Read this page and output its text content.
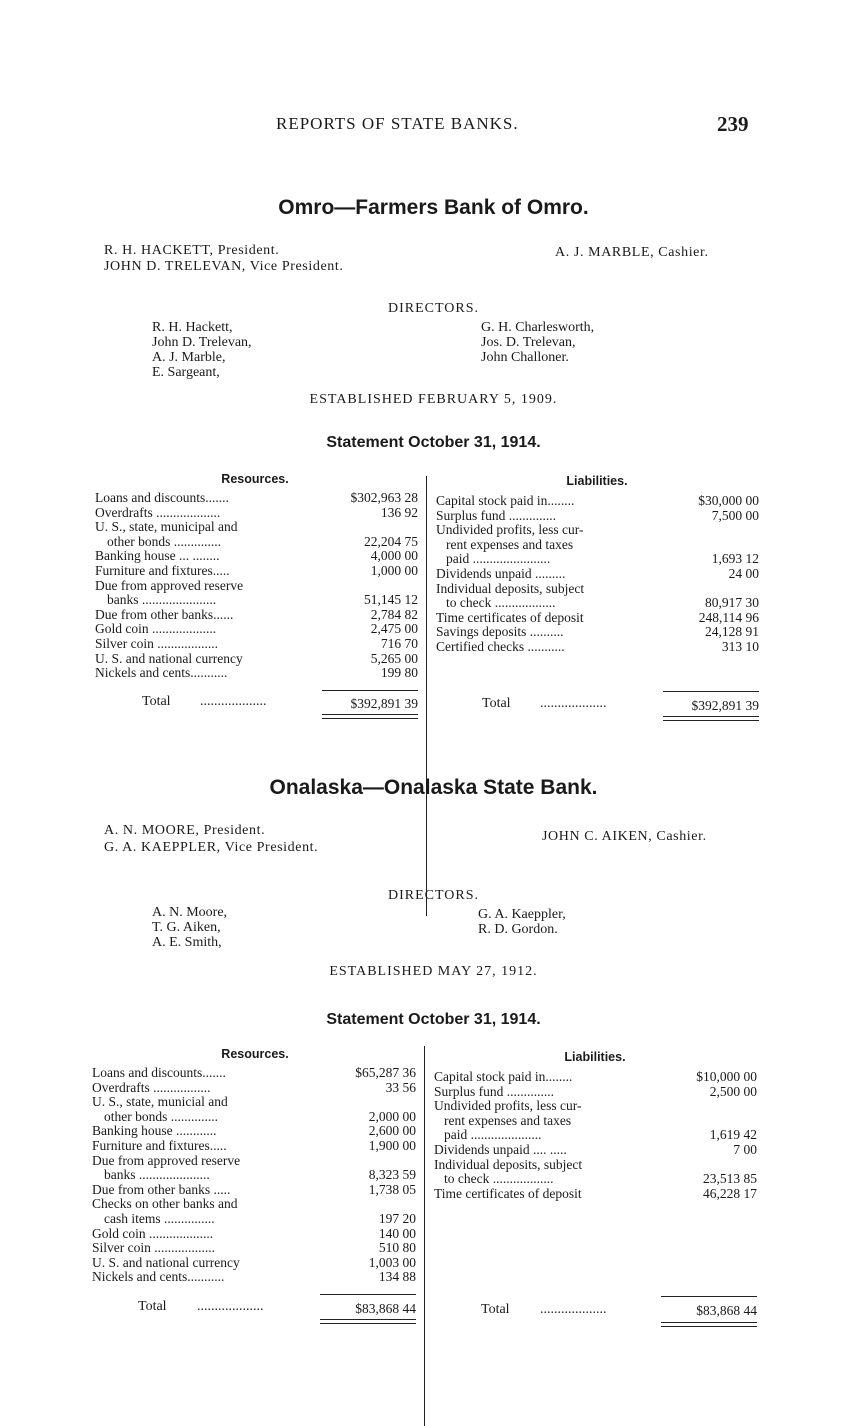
REPORTS OF STATE BANKS.	239
Omro—Farmers Bank of Omro.
R. H. HACKETT, President.
JOHN D. TRELEVAN, Vice President.
A. J. MARBLE, Cashier.
DIRECTORS.
R. H. Hackett,
John D. Trelevan,
A. J. Marble,
E. Sargeant,
G. H. Charlesworth,
Jos. D. Trelevan,
John Challoner.
ESTABLISHED FEBRUARY 5, 1909.
Statement October 31, 1914.
Resources.	Liabilities.
Loans and discounts.......	$302,963 28
Overdrafts ...................	136 92
U. S., state, municipal and
other bonds ..............	22,204 75
Banking house ... ........	4,000 00
Furniture and fixtures.....	1,000 00
Due from approved reserve
banks ......................	51,145 12
Due from other banks......	2,784 82
Gold coin ...................	2,475 00
Silver coin ..................	716 70
U. S. and national currency	5,265 00
Nickels and cents...........	199 80
Capital stock paid in........	$30,000 00
Surplus fund ..............	7,500 00
Undivided profits, less cur-
rent expenses and taxes
paid .......................	1,693 12
Dividends unpaid .........	24 00
Individual deposits, subject
to check ..................	80,917 30
Time certificates of deposit	248,114 96
Savings deposits ..........	24,128 91
Certified checks ...........	313 10
Total ...................	$392,891 39	Total ...................	$392,891 39
Onalaska—Onalaska State Bank.
A. N. MOORE, President.
G. A. KAEPPLER, Vice President.
JOHN C. AIKEN, Cashier.
DIRECTORS.
A. N. Moore,
T. G. Aiken,
A. E. Smith,
G. A. Kaeppler,
R. D. Gordon.
ESTABLISHED MAY 27, 1912.
Statement October 31, 1914.
Resources.	Liabilities.
Loans and discounts.......	$65,287 36
Overdrafts .................	33 56
U. S., state, municial and
other bonds ..............	2,000 00
Banking house ............	2,600 00
Furniture and fixtures.....	1,900 00
Due from approved reserve
banks .....................	8,323 59
Due from other banks .....	1,738 05
Checks on other banks and
cash items ...............	197 20
Gold coin ...................	140 00
Silver coin ..................	510 80
U. S. and national currency	1,003 00
Nickels and cents...........	134 88
Capital stock paid in........	$10,000 00
Surplus fund ..............	2,500 00
Undivided profits, less cur-
rent expenses and taxes
paid .....................	1,619 42
Dividends unpaid .... .....	7 00
Individual deposits, subject
to check ..................	23,513 85
Time certificates of deposit	46,228 17
Total ...................	$83,868 44	Total ...................	$83,868 44
